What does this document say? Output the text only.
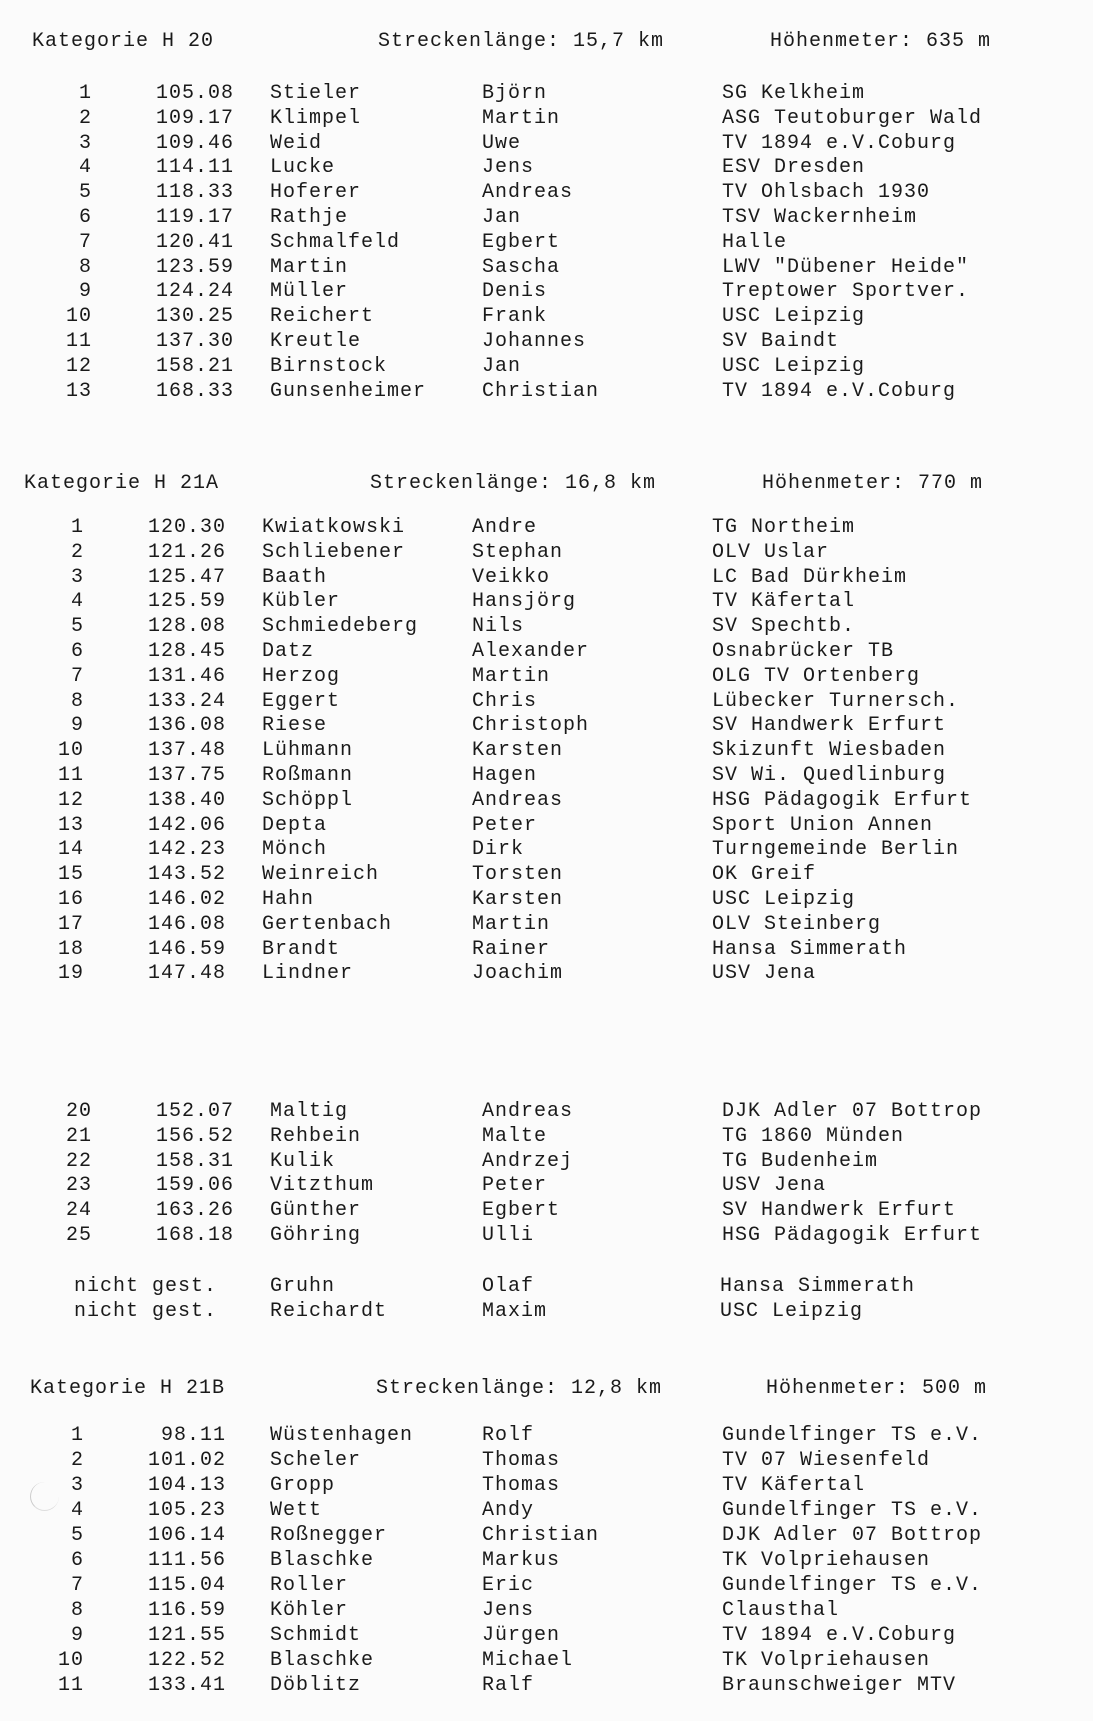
Kategorie H 20	Streckenlänge: 15,7 km	Höhenmeter: 635 m
1	105.08 Stieler	Björn	SG Kelkheim
2	109.17 Klimpel	Martin	ASG Teutoburger Wald
3	109.46 Weid	Uwe	TV 1894 e.V.Coburg
4	114.11 Lucke	Jens	ESV Dresden
5	118.33 Hoferer	Andreas	TV Ohlsbach 1930
6	119.17 Rathje	Jan	TSV Wackernheim
7	120.41 Schmalfeld	Egbert	Halle
8	123.59 Martin	Sascha	LWV "Dübener Heide"
9	124.24 Müller	Denis	Treptower Sportver.
10	130.25 Reichert	Frank	USC Leipzig
11	137.30 Kreutle	Johannes	SV Baindt
12	158.21 Birnstock	Jan	USC Leipzig
13	168.33 Gunsenheimer	Christian	TV 1894 e.V.Coburg
Kategorie H 21A	Streckenlänge: 16,8 km	Höhenmeter: 770 m
1	120.30 Kwiatkowski	Andre	TG Northeim
2	121.26 Schliebener	Stephan	OLV Uslar
3	125.47 Baath	Veikko	LC Bad Dürkheim
4	125.59 Kübler	Hansjörg	TV Käfertal
5	128.08 Schmiedeberg	Nils	SV Spechtb.
6	128.45 Datz	Alexander	Osnabrücker TB
7	131.46 Herzog	Martin	OLG TV Ortenberg
8	133.24 Eggert	Chris	Lübecker Turnersch.
9	136.08 Riese	Christoph	SV Handwerk Erfurt
10	137.48 Lühmann	Karsten	Skizunft Wiesbaden
11	137.75 Roßmann	Hagen	SV Wi. Quedlinburg
12	138.40 Schöppl	Andreas	HSG Pädagogik Erfurt
13	142.06 Depta	Peter	Sport Union Annen
14	142.23 Mönch	Dirk	Turngemeinde Berlin
15	143.52 Weinreich	Torsten	OK Greif
16	146.02 Hahn	Karsten	USC Leipzig
17	146.08 Gertenbach	Martin	OLV Steinberg
18	146.59 Brandt	Rainer	Hansa Simmerath
19	147.48 Lindner	Joachim	USV Jena
20	152.07 Maltig	Andreas	DJK Adler 07 Bottrop
21	156.52 Rehbein	Malte	TG 1860 Münden
22	158.31 Kulik	Andrzej	TG Budenheim
23	159.06 Vitzthum	Peter	USV Jena
24	163.26 Günther	Egbert	SV Handwerk Erfurt
25	168.18 Göhring	Ulli	HSG Pädagogik Erfurt
nicht gest.	Gruhn	Olaf	Hansa Simmerath
nicht gest.	Reichardt	Maxim	USC Leipzig
Kategorie H 21B	Streckenlänge: 12,8 km	Höhenmeter: 500 m
1	98.11 Wüstenhagen	Rolf	Gundelfinger TS e.V.
2	101.02 Scheler	Thomas	TV 07 Wiesenfeld
3	104.13 Gropp	Thomas	TV Käfertal
4	105.23 Wett	Andy	Gundelfinger TS e.V.
5	106.14 Roßnegger	Christian	DJK Adler 07 Bottrop
6	111.56 Blaschke	Markus	TK Volpriehausen
7	115.04 Roller	Eric	Gundelfinger TS e.V.
8	116.59 Köhler	Jens	Clausthal
9	121.55 Schmidt	Jürgen	TV 1894 e.V.Coburg
10	122.52 Blaschke	Michael	TK Volpriehausen
11	133.41 Döblitz	Ralf	Braunschweiger MTV
